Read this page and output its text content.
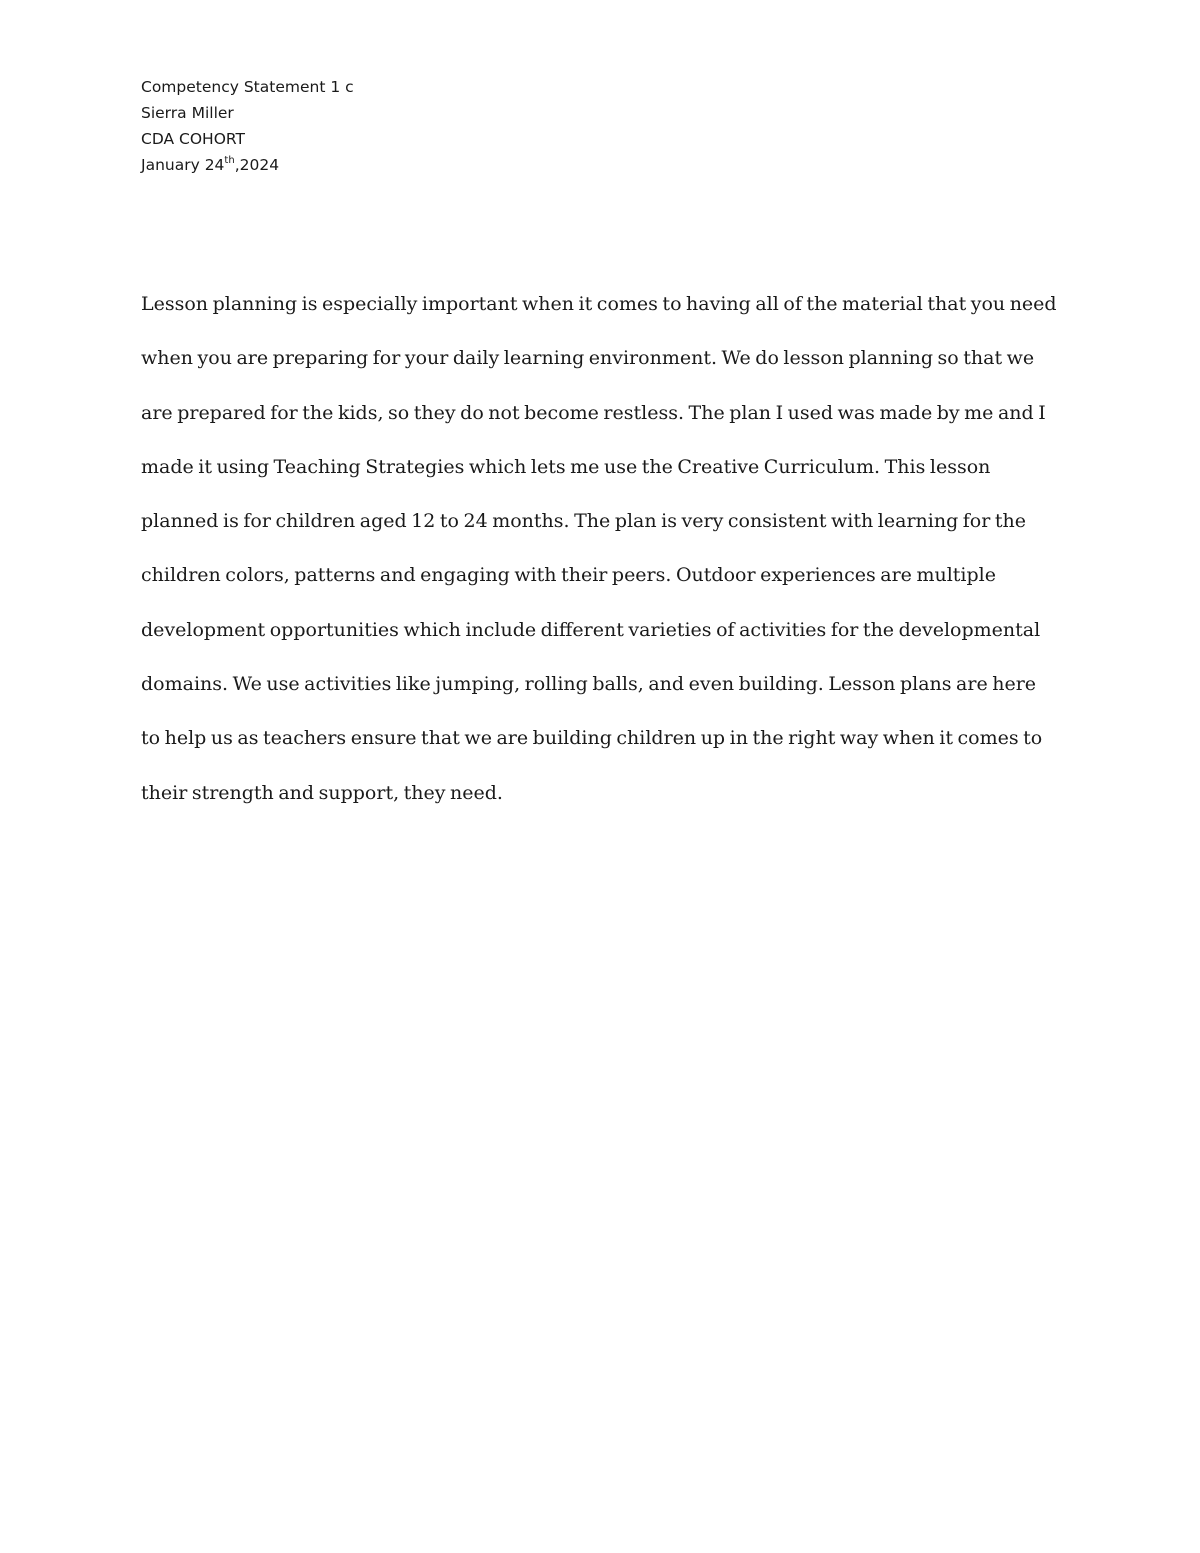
Competency Statement 1 c
Sierra Miller
CDA COHORT
January 24th,2024
Lesson planning is especially important when it comes to having all of the material that you need
when you are preparing for your daily learning environment. We do lesson planning so that we
are prepared for the kids, so they do not become restless. The plan I used was made by me and I
made it using Teaching Strategies which lets me use the Creative Curriculum. This lesson
planned is for children aged 12 to 24 months. The plan is very consistent with learning for the
children colors, patterns and engaging with their peers. Outdoor experiences are multiple
development opportunities which include different varieties of activities for the developmental
domains. We use activities like jumping, rolling balls, and even building. Lesson plans are here
to help us as teachers ensure that we are building children up in the right way when it comes to
their strength and support, they need.
